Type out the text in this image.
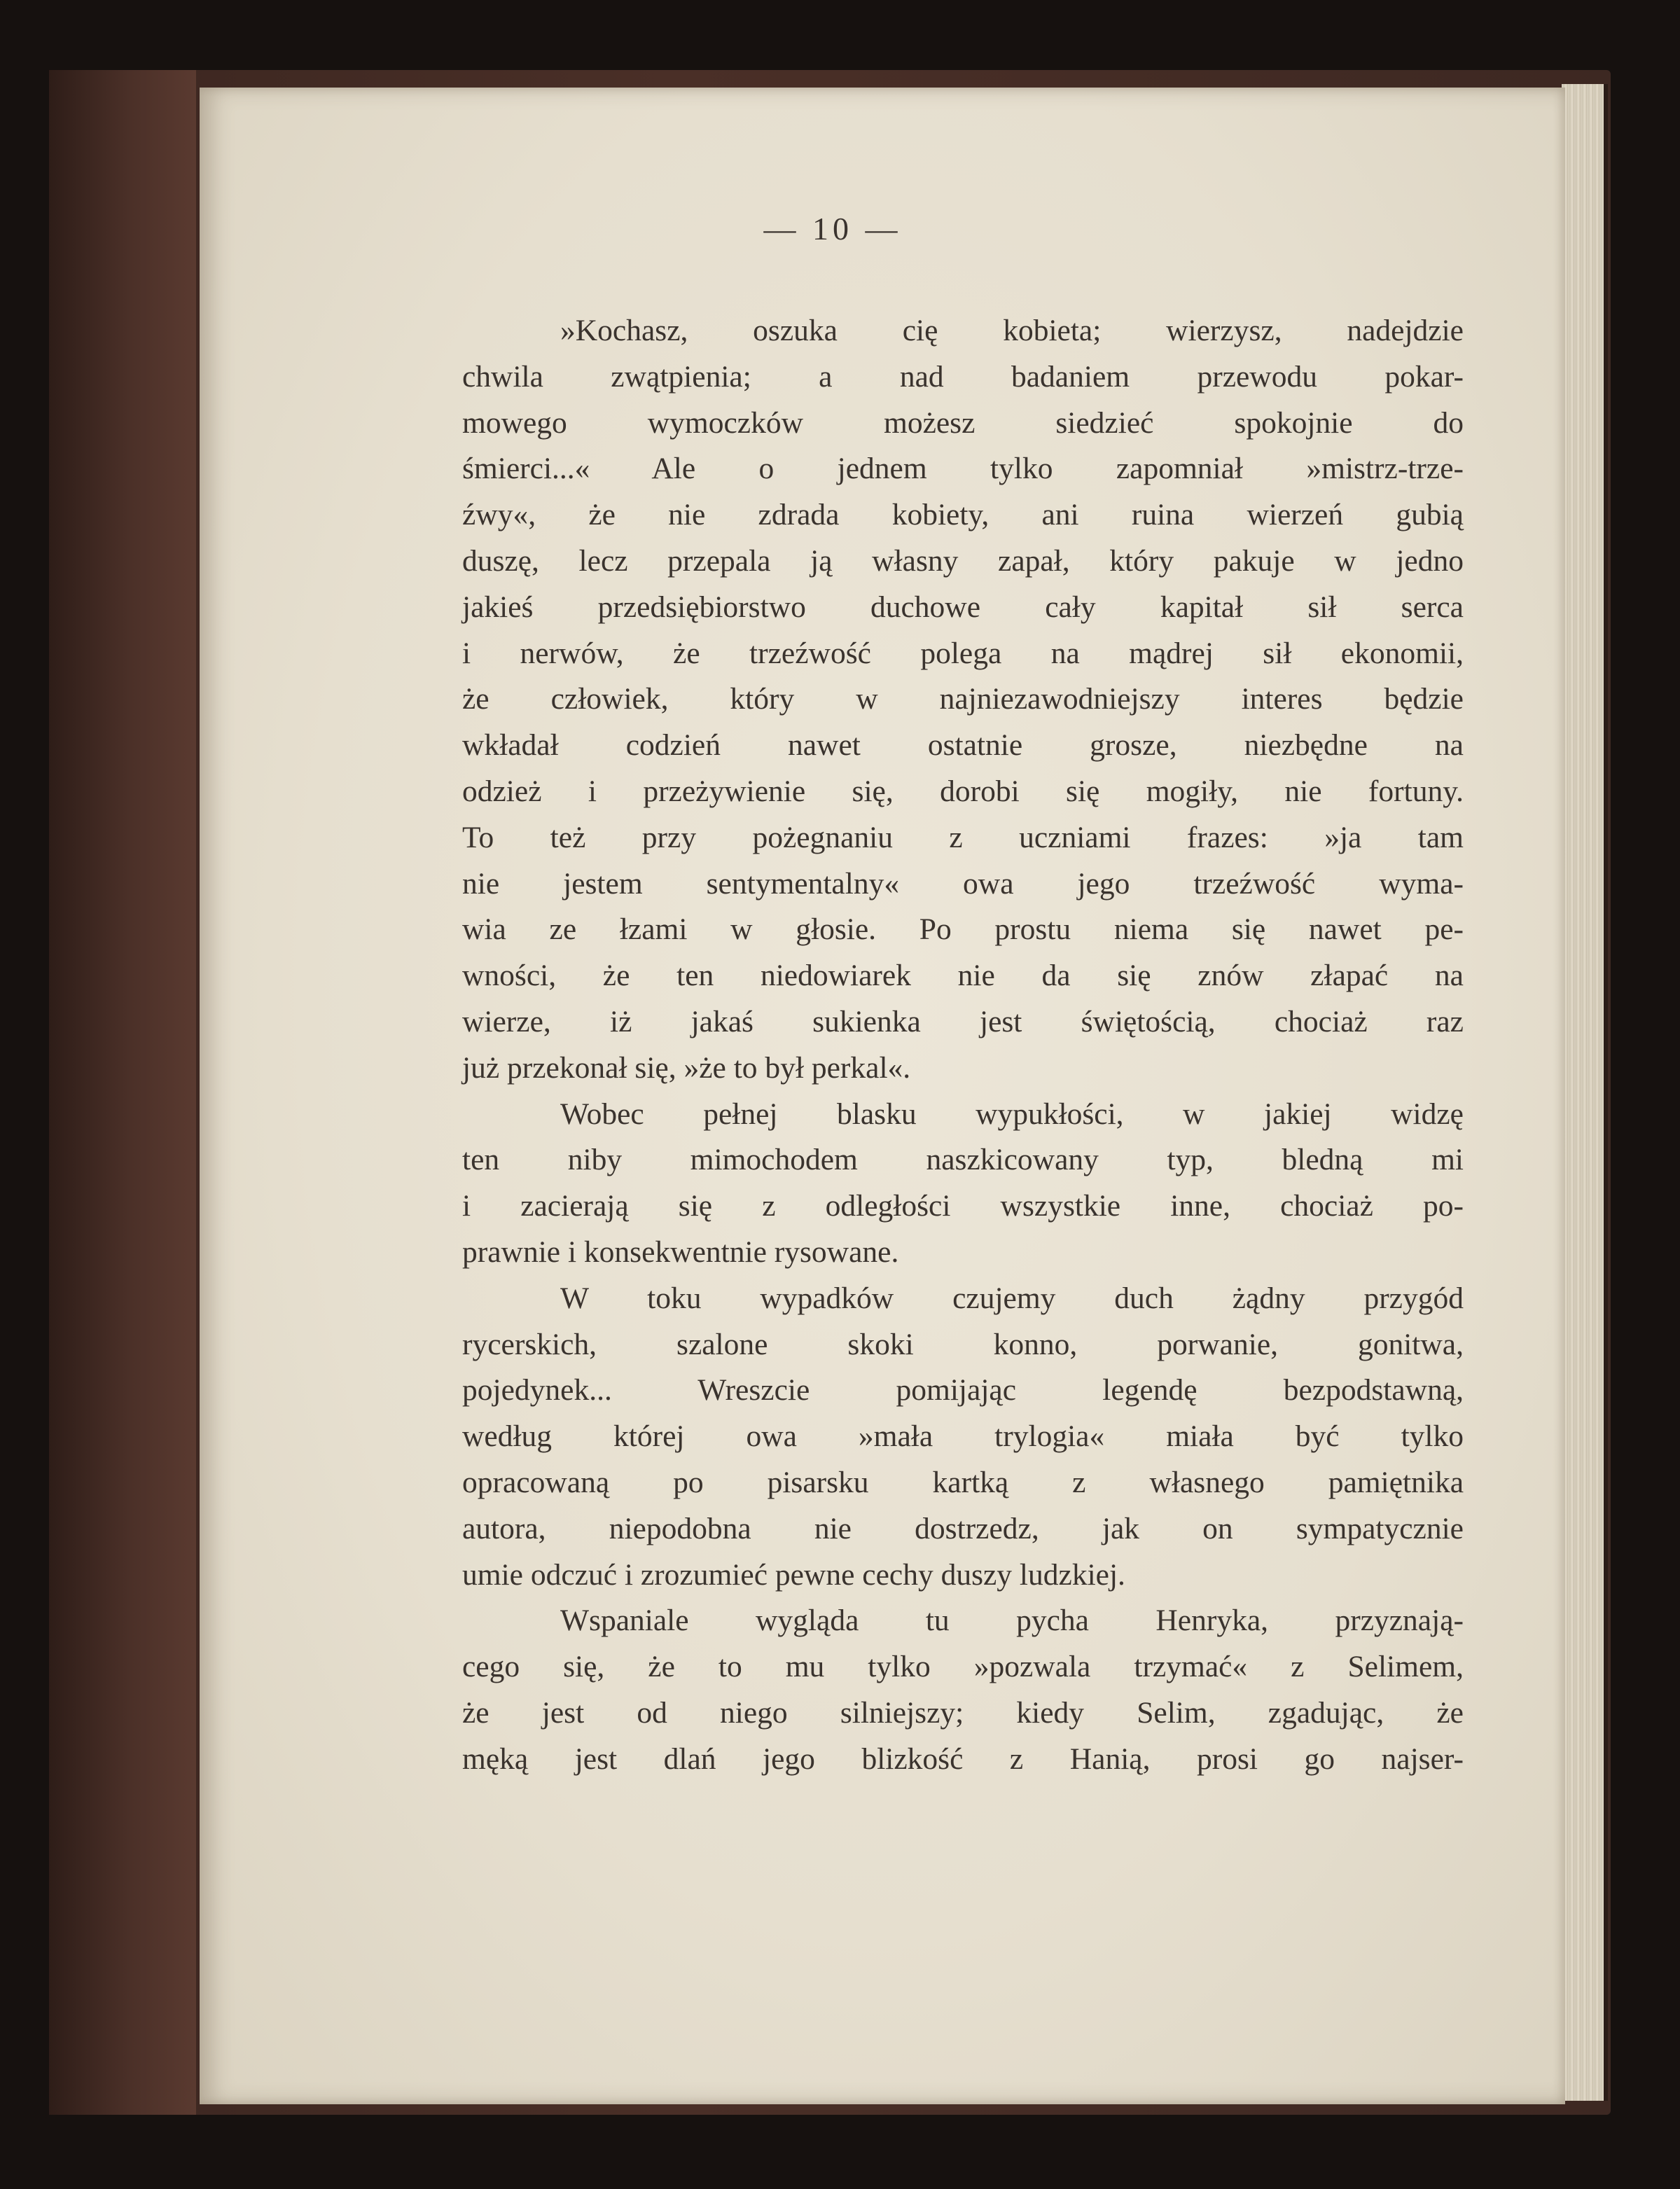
— 10 —
»Kochasz, oszuka cię kobieta; wierzysz, nadejdzie
chwila zwątpienia; a nad badaniem przewodu pokar-
mowego wymoczków możesz siedzieć spokojnie do
śmierci...« Ale o jednem tylko zapomniał »mistrz-trze-
źwy«, że nie zdrada kobiety, ani ruina wierzeń gubią
duszę, lecz przepala ją własny zapał, który pakuje w jedno
jakieś przedsiębiorstwo duchowe cały kapitał sił serca
i nerwów, że trzeźwość polega na mądrej sił ekonomii,
że człowiek, który w najniezawodniejszy interes będzie
wkładał codzień nawet ostatnie grosze, niezbędne na
odzież i przeżywienie się, dorobi się mogiły, nie fortuny.
To też przy pożegnaniu z uczniami frazes: »ja tam
nie jestem sentymentalny« owa jego trzeźwość wyma-
wia ze łzami w głosie. Po prostu niema się nawet pe-
wności, że ten niedowiarek nie da się znów złapać na
wierze, iż jakaś sukienka jest świętością, chociaż raz
już przekonał się, »że to był perkal«.
Wobec pełnej blasku wypukłości, w jakiej widzę
ten niby mimochodem naszkicowany typ, bledną mi
i zacierają się z odległości wszystkie inne, chociaż po-
prawnie i konsekwentnie rysowane.
W toku wypadków czujemy duch żądny przygód
rycerskich, szalone skoki konno, porwanie, gonitwa,
pojedynek... Wreszcie pomijając legendę bezpodstawną,
według której owa »mała trylogia« miała być tylko
opracowaną po pisarsku kartką z własnego pamiętnika
autora, niepodobna nie dostrzedz, jak on sympatycznie
umie odczuć i zrozumieć pewne cechy duszy ludzkiej.
Wspaniale wygląda tu pycha Henryka, przyznają-
cego się, że to mu tylko »pozwala trzymać« z Selimem,
że jest od niego silniejszy; kiedy Selim, zgadując, że
męką jest dlań jego blizkość z Hanią, prosi go najser-
